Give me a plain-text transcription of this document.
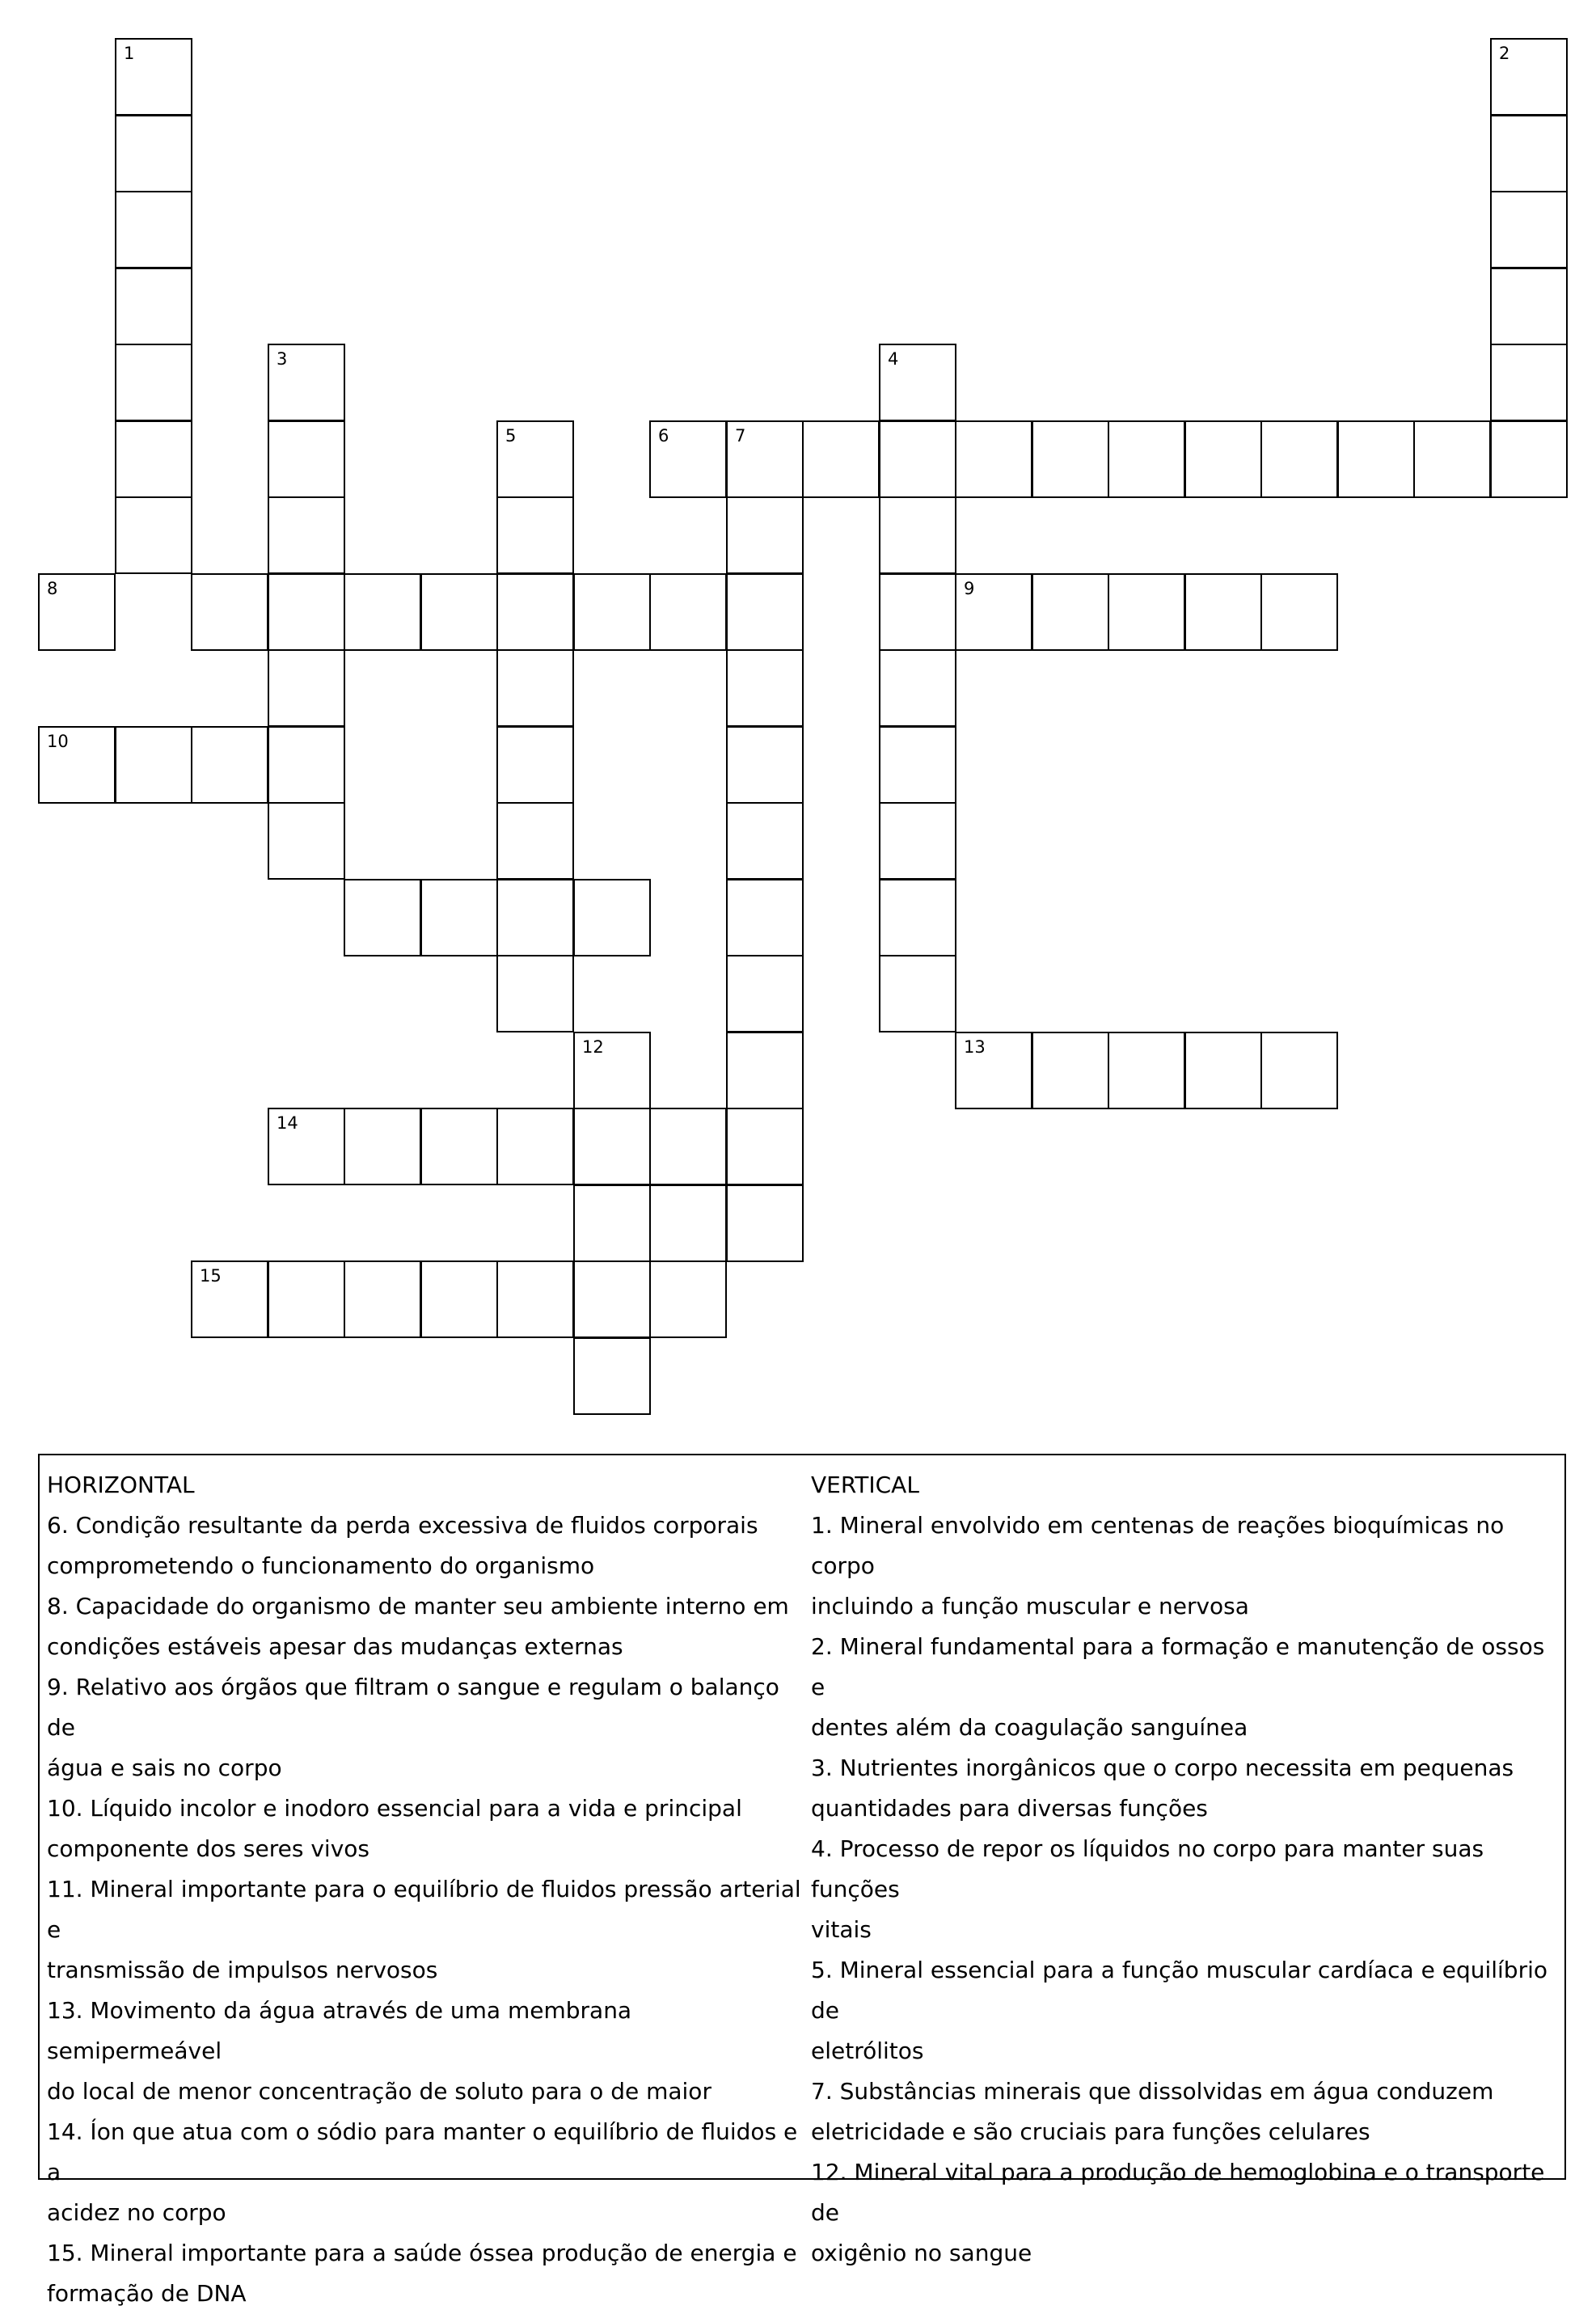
1	2
3	4
5	6	7
8	9
10
12	13
14
15
HORIZONTAL
6. Condição resultante da perda excessiva de fluidos corporais
comprometendo o funcionamento do organismo
8. Capacidade do organismo de manter seu ambiente interno em
condições estáveis apesar das mudanças externas
9. Relativo aos órgãos que filtram o sangue e regulam o balanço de
água e sais no corpo
10. Líquido incolor e inodoro essencial para a vida e principal
componente dos seres vivos
11. Mineral importante para o equilíbrio de fluidos pressão arterial e
transmissão de impulsos nervosos
13. Movimento da água através de uma membrana semipermeável
do local de menor concentração de soluto para o de maior
14. Íon que atua com o sódio para manter o equilíbrio de fluidos e a
acidez no corpo
15. Mineral importante para a saúde óssea produção de energia e
formação de DNA
VERTICAL
1. Mineral envolvido em centenas de reações bioquímicas no corpo
incluindo a função muscular e nervosa
2. Mineral fundamental para a formação e manutenção de ossos e
dentes além da coagulação sanguínea
3. Nutrientes inorgânicos que o corpo necessita em pequenas
quantidades para diversas funções
4. Processo de repor os líquidos no corpo para manter suas funções
vitais
5. Mineral essencial para a função muscular cardíaca e equilíbrio de
eletrólitos
7. Substâncias minerais que dissolvidas em água conduzem
eletricidade e são cruciais para funções celulares
12. Mineral vital para a produção de hemoglobina e o transporte de
oxigênio no sangue
